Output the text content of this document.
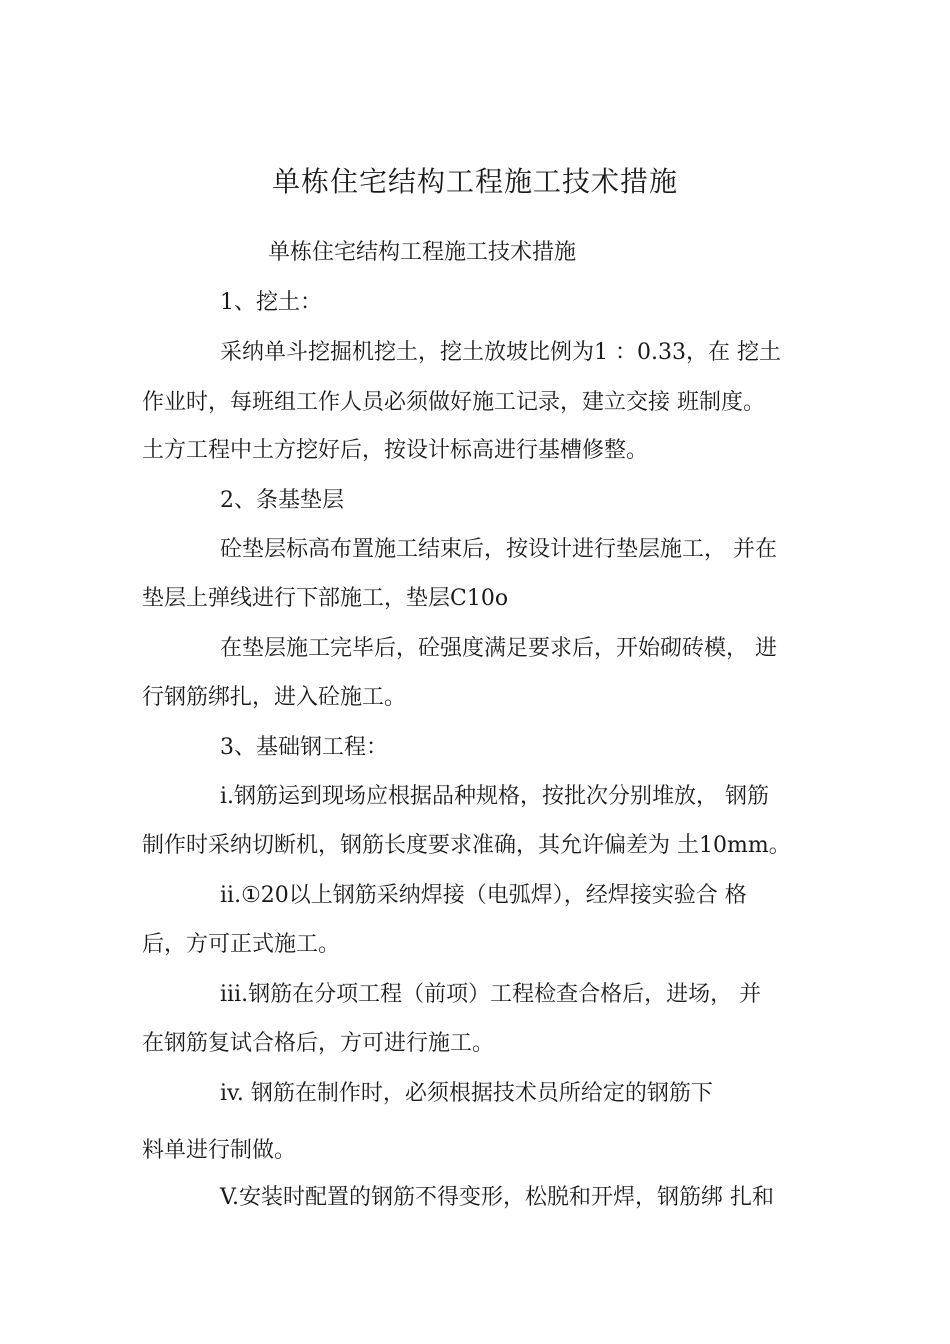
单栋住宅结构工程施工技术措施
单栋住宅结构工程施工技术措施
1、挖土：
采纳单斗挖掘机挖土，挖土放坡比例为1 ：0.33，在 挖土
作业时，每班组工作人员必须做好施工记录，建立交接 班制度。
土方工程中土方挖好后，按设计标高进行基槽修整。
2、条基垫层
砼垫层标高布置施工结束后，按设计进行垫层施工， 并在
垫层上弹线进行下部施工，垫层C10o
在垫层施工完毕后，砼强度满足要求后，开始砌砖模， 进
行钢筋绑扎，进入砼施工。
3、基础钢工程：
i.钢筋运到现场应根据品种规格，按批次分别堆放， 钢筋
制作时采纳切断机，钢筋长度要求准确，其允许偏差为 土10mm。
ii.①20以上钢筋采纳焊接（电弧焊），经焊接实验合 格
后，方可正式施工。
iii.钢筋在分项工程（前项）工程检查合格后，进场， 并
在钢筋复试合格后，方可进行施工。
iv. 钢筋在制作时，必须根据技术员所给定的钢筋下
料单进行制做。
V.安装时配置的钢筋不得变形，松脱和开焊，钢筋绑 扎和
